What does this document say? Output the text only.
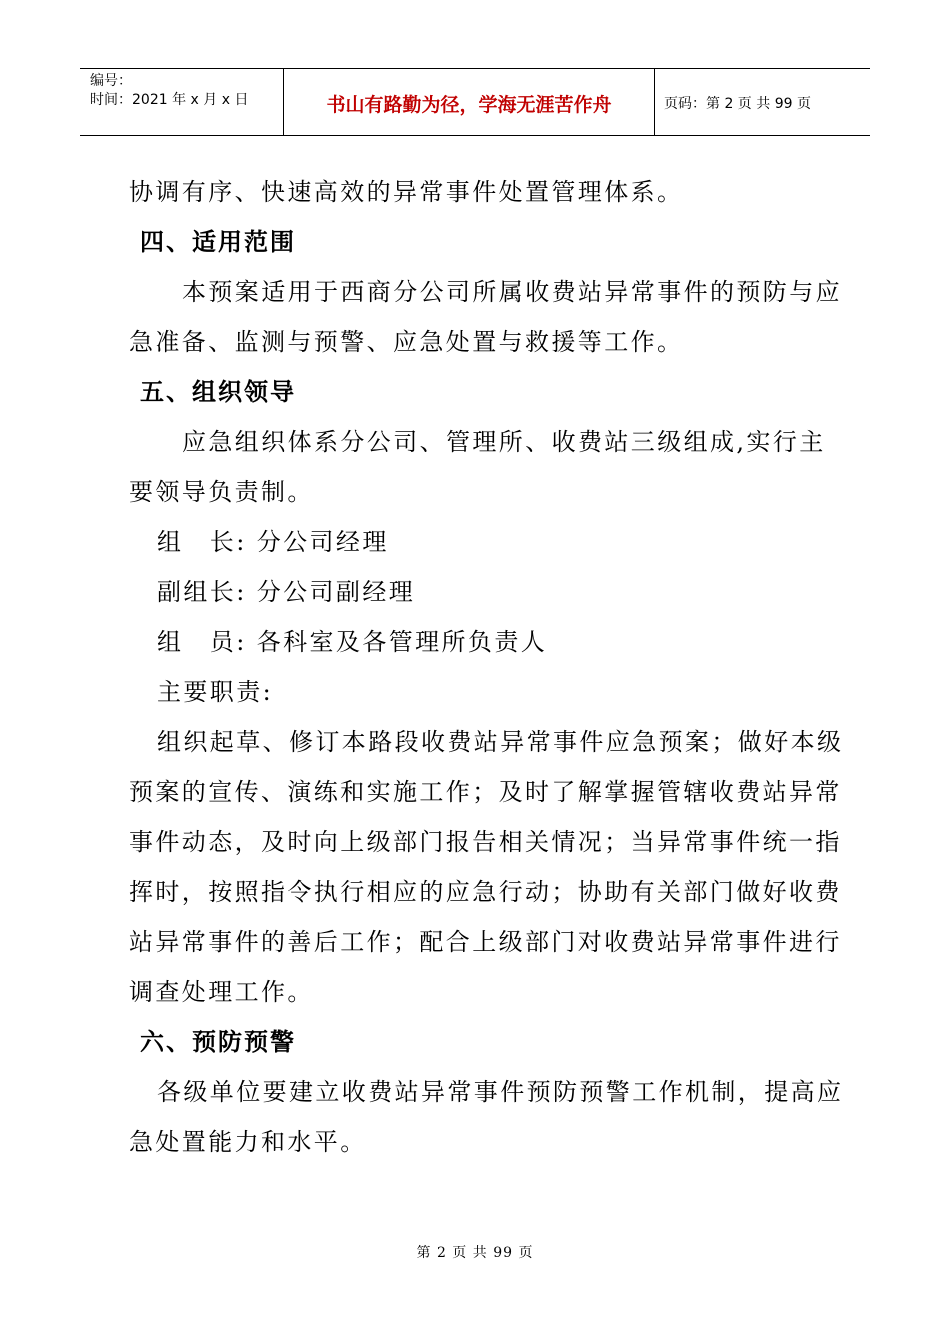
编号：
时间：2021 年 x 月 x 日	书山有路勤为径，学海无涯苦作舟	页码：第 2 页 共 99 页
协调有序、快速高效的异常事件处置管理体系。
四、适用范围
本预案适用于西商分公司所属收费站异常事件的预防与应
急准备、监测与预警、应急处置与救援等工作。
五、组织领导
应急组织体系分公司、管理所、收费站三级组成,实行主
要领导负责制。
组　长: 分公司经理
副组长: 分公司副经理
组　员: 各科室及各管理所负责人
主要职责:
组织起草、修订本路段收费站异常事件应急预案；做好本级
预案的宣传、演练和实施工作；及时了解掌握管辖收费站异常
事件动态，及时向上级部门报告相关情况；当异常事件统一指
挥时，按照指令执行相应的应急行动；协助有关部门做好收费
站异常事件的善后工作；配合上级部门对收费站异常事件进行
调查处理工作。
六、预防预警
各级单位要建立收费站异常事件预防预警工作机制，提高应
急处置能力和水平。
第 2 页 共 99 页
